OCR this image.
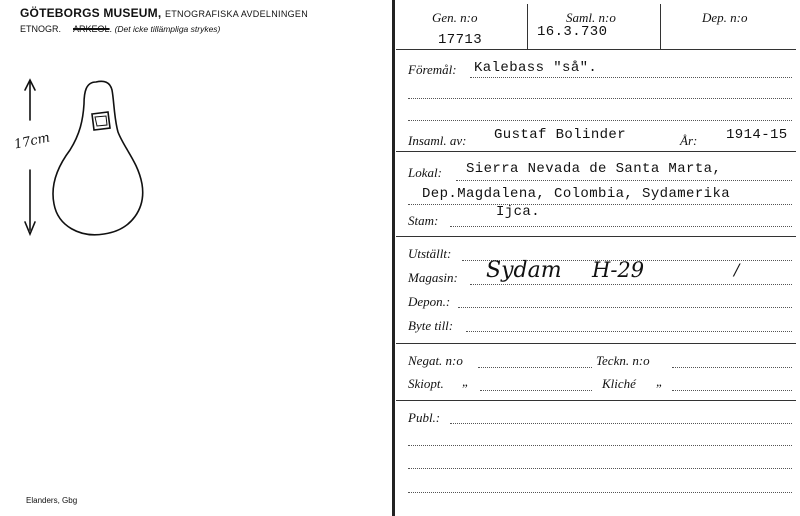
GÖTEBORGS MUSEUM, ETNOGRAFISKA AVDELNINGEN
ETNOGR. ARKEOL. (Det icke tillämpliga strykes)
17cm
Elanders, Gbg
Gen. n:o
17713
Saml. n:o
16.3.730
Dep. n:o
Föremål: Kalebass "så".
Insaml. av: Gustaf Bolinder	År: 1914-15
Lokal: Sierra Nevada de Santa Marta,
Dep.Magdalena, Colombia, Sydamerika
Stam:
Ijca.
Utställt:
Magasin: Sydam H-29	/
Depon.:
Byte till:
Negat. n:o	Teckn. n:o
Skiopt. „	Kliché „
Publ.:
